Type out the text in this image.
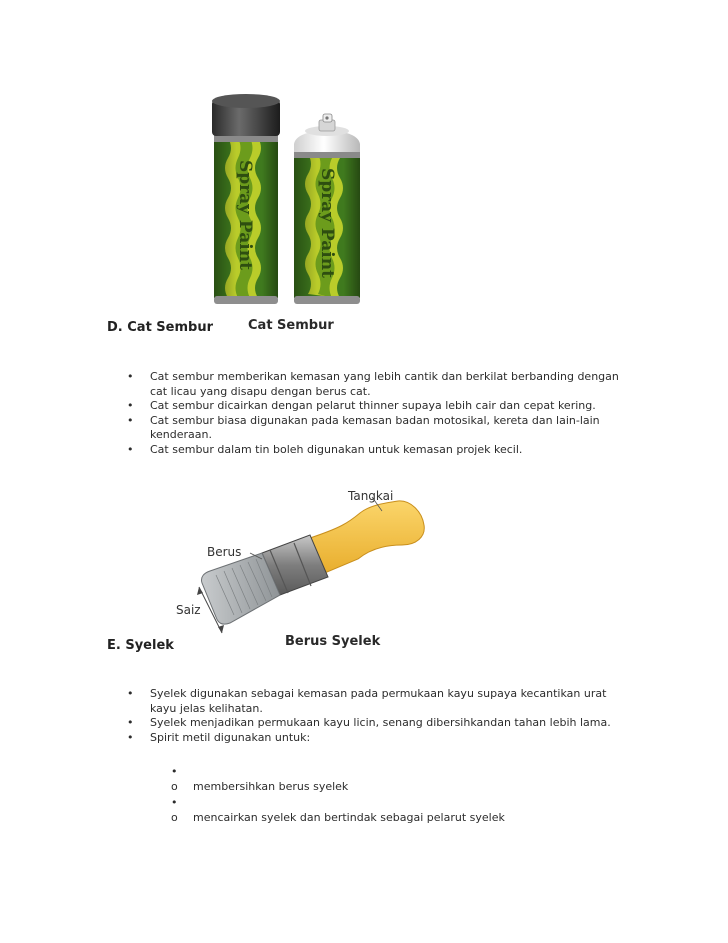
Spray Paint	Spray Paint
D. Cat Sembur	Cat Sembur
• Cat sembur memberikan kemasan yang lebih cantik dan berkilat berbanding dengan cat licau yang disapu dengan berus cat.
• Cat sembur dicairkan dengan pelarut thinner supaya lebih cair dan cepat kering.
• Cat sembur biasa digunakan pada kemasan badan motosikal, kereta dan lain-lain kenderaan.
• Cat sembur dalam tin boleh digunakan untuk kemasan projek kecil.
Tangkai
Berus
Saiz
E. Syelek	Berus Syelek
• Syelek digunakan sebagai kemasan pada permukaan kayu supaya kecantikan urat kayu jelas kelihatan.
• Syelek menjadikan permukaan kayu licin, senang dibersihkandan tahan lebih lama.
• Spirit metil digunakan untuk:
•
o membersihkan berus syelek
•
o mencairkan syelek dan bertindak sebagai pelarut syelek
